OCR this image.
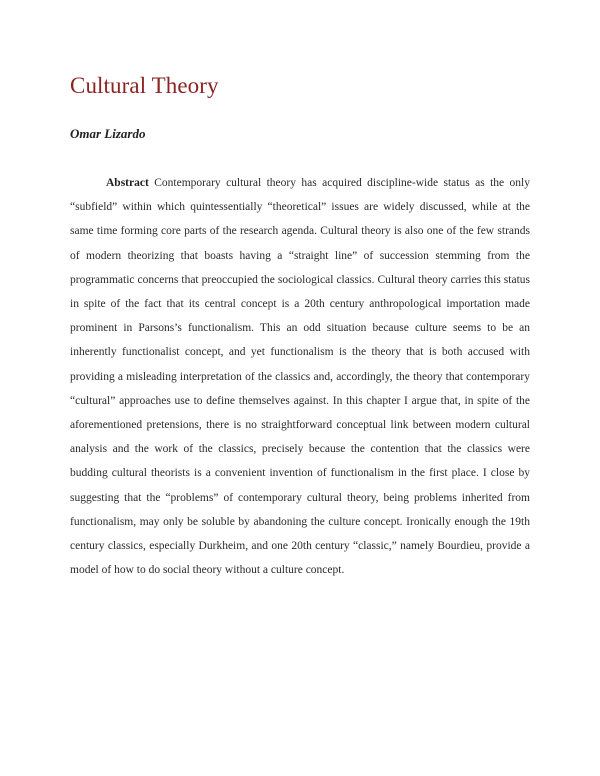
Cultural Theory

Omar Lizardo

Abstract Contemporary cultural theory has acquired discipline-wide status as the only “subfield” within which quintessentially “theoretical” issues are widely discussed, while at the same time forming core parts of the research agenda. Cultural theory is also one of the few strands of modern theorizing that boasts having a “straight line” of succession stemming from the programmatic concerns that preoccupied the sociological classics. Cultural theory carries this status in spite of the fact that its central concept is a 20th century anthropological importation made prominent in Parsons’s functionalism. This an odd situation because culture seems to be an inherently functionalist concept, and yet functionalism is the theory that is both accused with providing a misleading interpretation of the classics and, accordingly, the theory that contemporary “cultural” approaches use to define themselves against. In this chapter I argue that, in spite of the aforementioned pretensions, there is no straightforward conceptual link between modern cultural analysis and the work of the classics, precisely because the contention that the classics were budding cultural theorists is a convenient invention of functionalism in the first place. I close by suggesting that the “problems” of contemporary cultural theory, being problems inherited from functionalism, may only be soluble by abandoning the culture concept. Ironically enough the 19th century classics, especially Durkheim, and one 20th century “classic,” namely Bourdieu, provide a model of how to do social theory without a culture concept.
